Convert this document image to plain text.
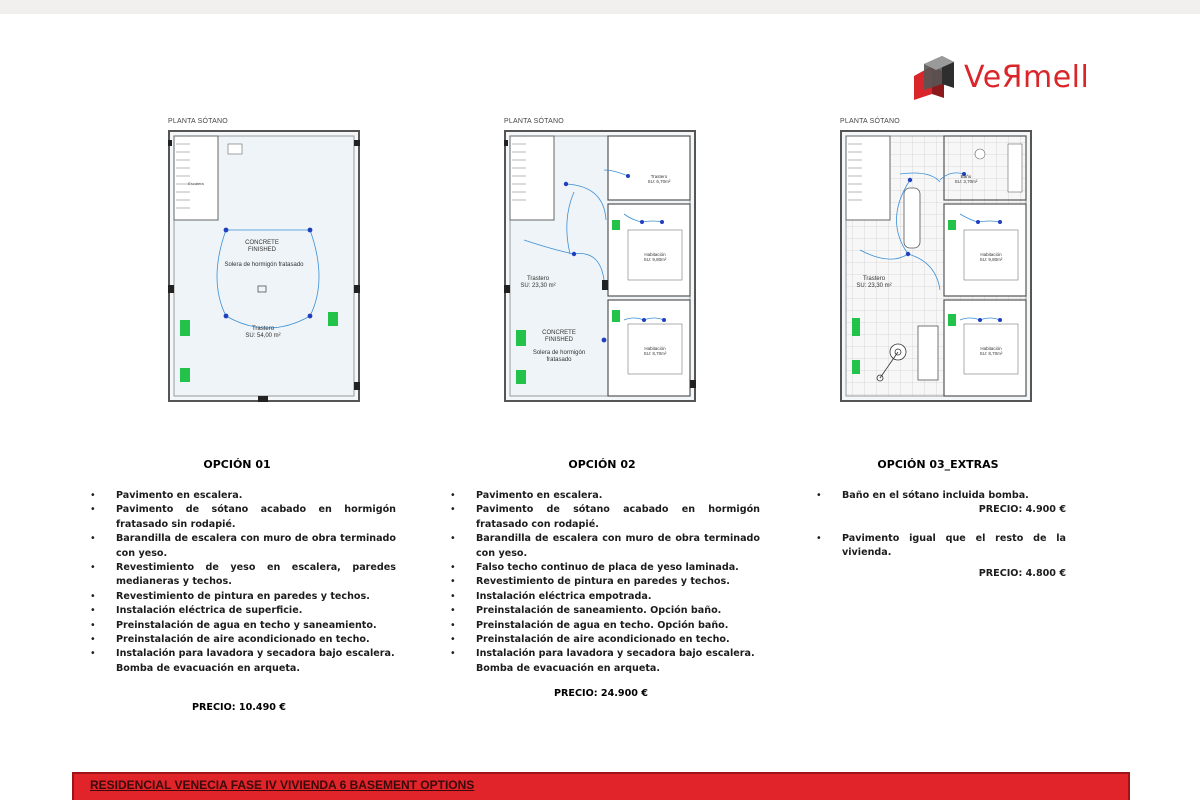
VeЯmell
PLANTA SÓTANO
CONCRETE
FINISHED
Solera de hormigón fratasado
Trastero
SU: 54,00 m²
Escalera
PLANTA SÓTANO
Trastero
SU: 23,30 m²
CONCRETE
FINISHED
Solera de hormigón
fratasado
Trastero
SU: 6,70m²
Habitación
SU: 9,80m²
Habitación
SU: 8,70m²
PLANTA SÓTANO
Trastero
SU: 23,30 m²
Baño
SU: 3,70m²
Habitación
SU: 9,80m²
Habitación
SU: 8,70m²
OPCIÓN 01
• Pavimento en escalera.
• Pavimento de sótano acabado en hormigón fratasado sin rodapié.
• Barandilla de escalera con muro de obra terminado con yeso.
• Revestimiento de yeso en escalera, paredes medianeras y techos.
• Revestimiento de pintura en paredes y techos.
• Instalación eléctrica de superficie.
• Preinstalación de agua en techo y saneamiento.
• Preinstalación de aire acondicionado en techo.
• Instalación para lavadora y secadora bajo escalera. Bomba de evacuación en arqueta.
PRECIO: 10.490 €
OPCIÓN 02
• Pavimento en escalera.
• Pavimento de sótano acabado en hormigón fratasado con rodapié.
• Barandilla de escalera con muro de obra terminado con yeso.
• Falso techo continuo de placa de yeso laminada.
• Revestimiento de pintura en paredes y techos.
• Instalación eléctrica empotrada.
• Preinstalación de saneamiento. Opción baño.
• Preinstalación de agua en techo. Opción baño.
• Preinstalación de aire acondicionado en techo.
• Instalación para lavadora y secadora bajo escalera. Bomba de evacuación en arqueta.
PRECIO: 24.900 €
OPCIÓN 03_EXTRAS
• Baño en el sótano incluida bomba.
PRECIO: 4.900 €
• Pavimento igual que el resto de la vivienda.
PRECIO: 4.800 €
RESIDENCIAL VENECIA FASE IV VIVIENDA 6 BASEMENT OPTIONS
